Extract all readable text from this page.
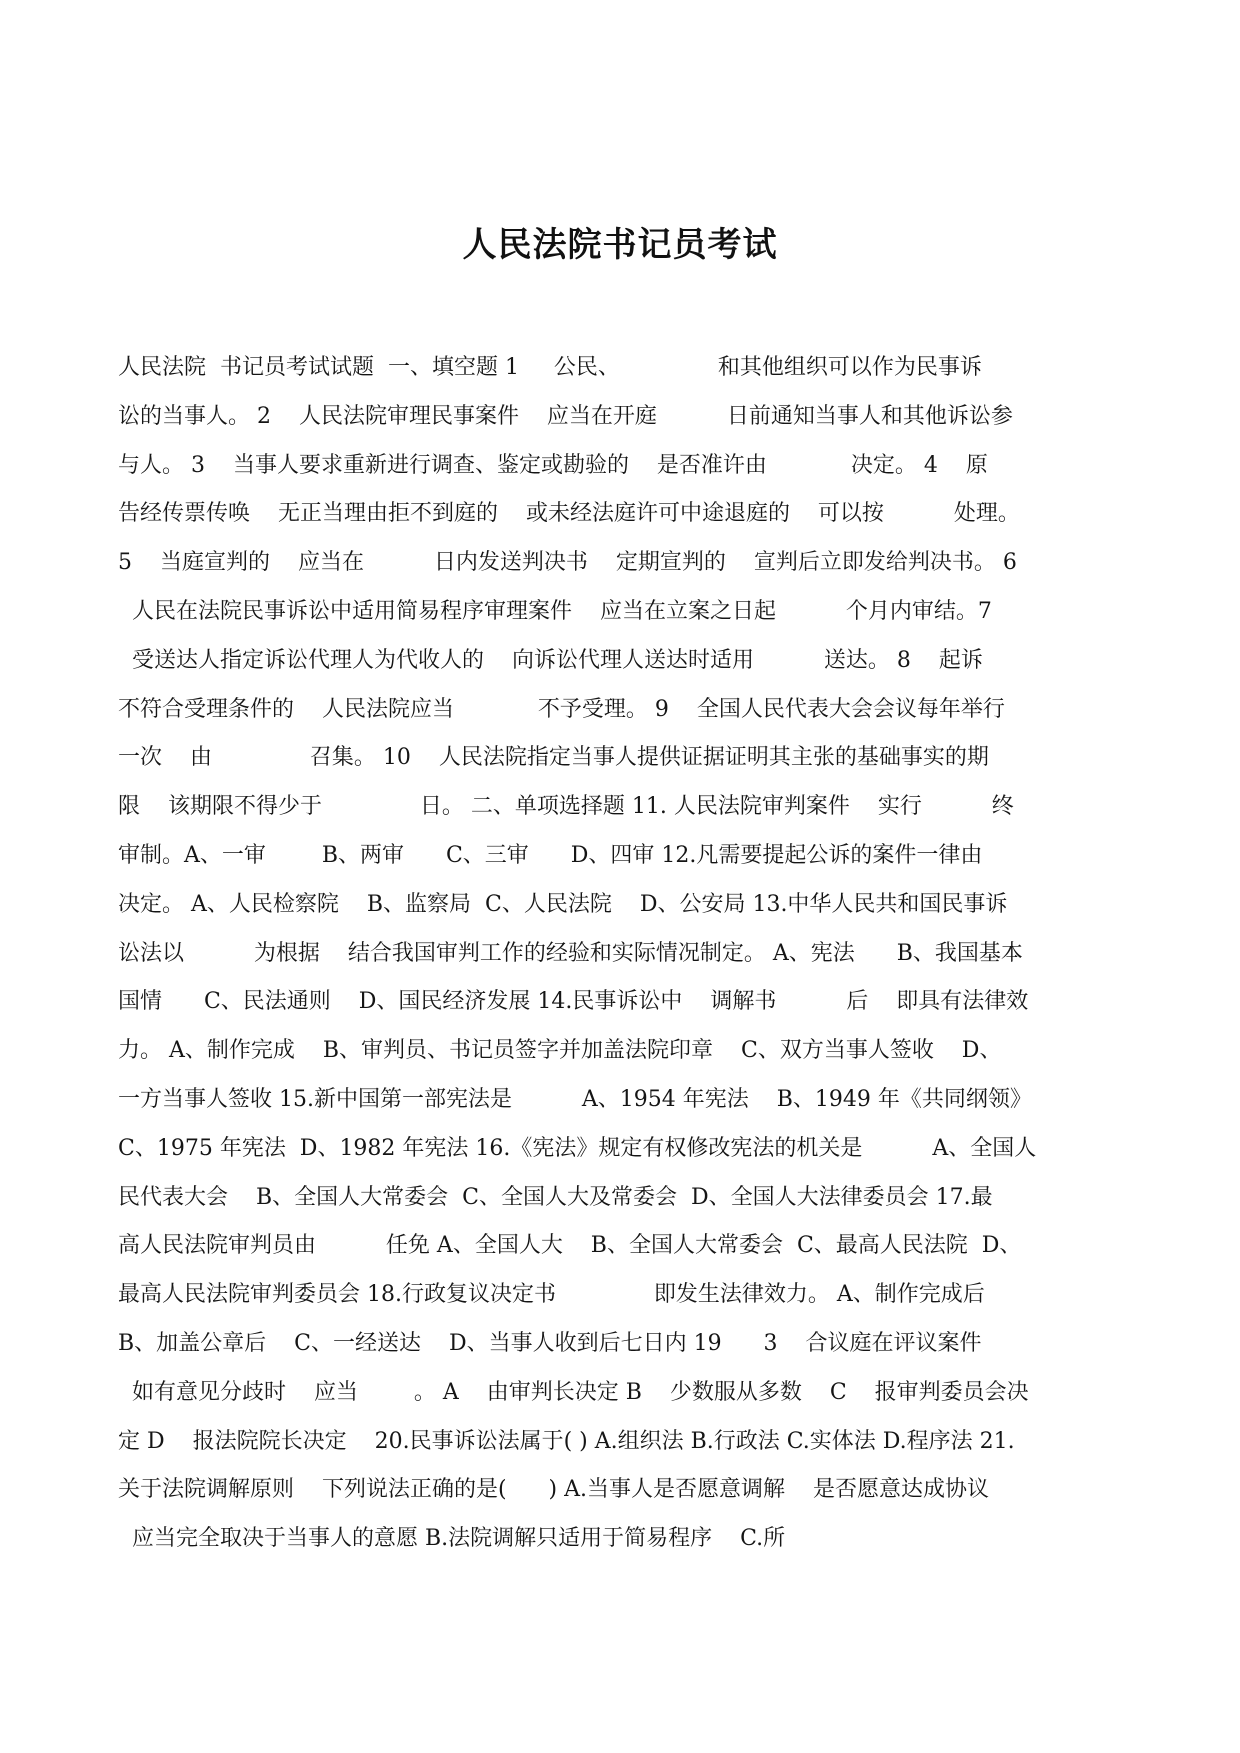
人民法院书记员考试
人民法院  书记员考试试题  一、填空题 1     公民、              和其他组织可以作为民事诉
讼的当事人。 2    人民法院审理民事案件    应当在开庭          日前通知当事人和其他诉讼参
与人。 3    当事人要求重新进行调查、鉴定或勘验的    是否准许由            决定。 4    原
告经传票传唤    无正当理由拒不到庭的    或未经法庭许可中途退庭的    可以按          处理。
5    当庭宣判的    应当在          日内发送判决书    定期宣判的    宣判后立即发给判决书。 6
人民在法院民事诉讼中适用简易程序审理案件    应当在立案之日起          个月内审结。7
受送达人指定诉讼代理人为代收人的    向诉讼代理人送达时适用          送达。 8    起诉
不符合受理条件的    人民法院应当            不予受理。 9    全国人民代表大会会议每年举行
一次    由              召集。 10    人民法院指定当事人提供证据证明其主张的基础事实的期
限    该期限不得少于              日。 二、单项选择题 11. 人民法院审判案件    实行          终
审制。A、一审        B、两审      C、三审      D、四审 12.凡需要提起公诉的案件一律由
决定。 A、人民检察院    B、监察局  C、人民法院    D、公安局 13.中华人民共和国民事诉
讼法以          为根据    结合我国审判工作的经验和实际情况制定。 A、宪法      B、我国基本
国情      C、民法通则    D、国民经济发展 14.民事诉讼中    调解书          后    即具有法律效
力。 A、制作完成    B、审判员、书记员签字并加盖法院印章    C、双方当事人签收    D、
一方当事人签收 15.新中国第一部宪法是          A、1954 年宪法    B、1949 年《共同纲领》
C、1975 年宪法  D、1982 年宪法 16.《宪法》规定有权修改宪法的机关是          A、全国人
民代表大会    B、全国人大常委会  C、全国人大及常委会  D、全国人大法律委员会 17.最
高人民法院审判员由          任免 A、全国人大    B、全国人大常委会  C、最高人民法院  D、
最高人民法院审判委员会 18.行政复议决定书              即发生法律效力。 A、制作完成后
B、加盖公章后    C、一经送达    D、当事人收到后七日内 19      3    合议庭在评议案件
如有意见分歧时    应当        。 A    由审判长决定 B    少数服从多数    C    报审判委员会决
定 D    报法院院长决定    20.民事诉讼法属于( ) A.组织法 B.行政法 C.实体法 D.程序法 21.
关于法院调解原则    下列说法正确的是(      ) A.当事人是否愿意调解    是否愿意达成协议
应当完全取决于当事人的意愿 B.法院调解只适用于简易程序    C.所
